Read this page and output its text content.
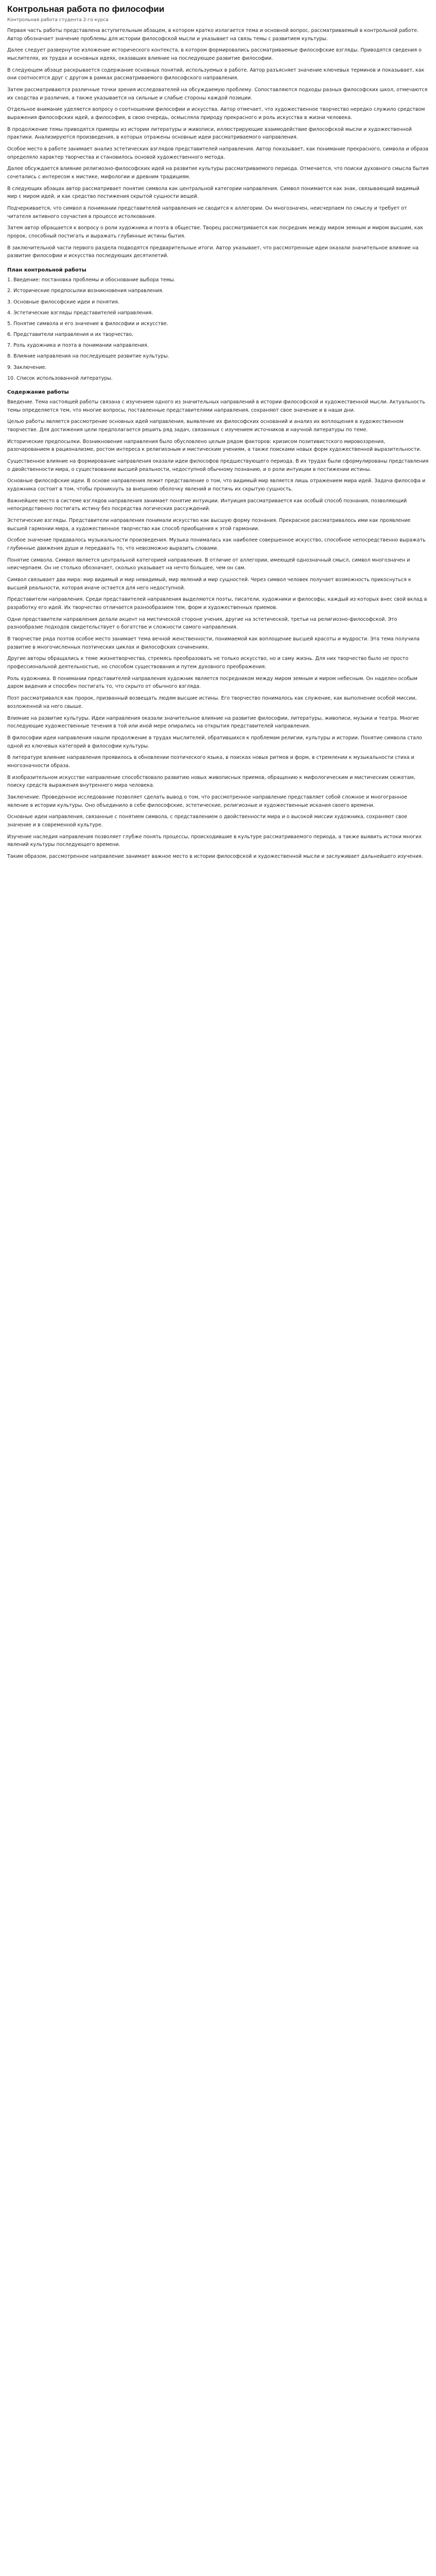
Контрольная работа по философии
Контрольная работа студента 2-го курса

Первая часть работы представлена вступительным абзацем, в котором кратко излагается тема и основной вопрос, рассматриваемый в контрольной работе. Автор обозначает значение проблемы для истории философской мысли и указывает на связь темы с развитием культуры.

Далее следует развернутое изложение исторического контекста, в котором формировались рассматриваемые философские взгляды. Приводятся сведения о мыслителях, их трудах и основных идеях, оказавших влияние на последующее развитие философии.

В следующем абзаце раскрывается содержание основных понятий, используемых в работе. Автор разъясняет значение ключевых терминов и показывает, как они соотносятся друг с другом в рамках рассматриваемого философского направления.

Затем рассматриваются различные точки зрения исследователей на обсуждаемую проблему. Сопоставляются подходы разных философских школ, отмечаются их сходства и различия, а также указывается на сильные и слабые стороны каждой позиции.

Отдельное внимание уделяется вопросу о соотношении философии и искусства. Автор отмечает, что художественное творчество нередко служило средством выражения философских идей, а философия, в свою очередь, осмысляла природу прекрасного и роль искусства в жизни человека.

В продолжение темы приводятся примеры из истории литературы и живописи, иллюстрирующие взаимодействие философской мысли и художественной практики. Анализируются произведения, в которых отражены основные идеи рассматриваемого направления.

Особое место в работе занимает анализ эстетических взглядов представителей направления. Автор показывает, как понимание прекрасного, символа и образа определяло характер творчества и становилось основой художественного метода.

Далее обсуждается влияние религиозно-философских идей на развитие культуры рассматриваемого периода. Отмечается, что поиски духовного смысла бытия сочетались с интересом к мистике, мифологии и древним традициям.

В следующих абзацах автор рассматривает понятие символа как центральной категории направления. Символ понимается как знак, связывающий видимый мир с миром идей, и как средство постижения скрытой сущности вещей.

Подчеркивается, что символ в понимании представителей направления не сводится к аллегории. Он многозначен, неисчерпаем по смыслу и требует от читателя активного соучастия в процессе истолкования.

Затем автор обращается к вопросу о роли художника и поэта в обществе. Творец рассматривается как посредник между миром земным и миром высшим, как пророк, способный постигать и выражать глубинные истины бытия.

В заключительной части первого раздела подводятся предварительные итоги. Автор указывает, что рассмотренные идеи оказали значительное влияние на развитие философии и искусства последующих десятилетий.

План контрольной работы
1. Введение: постановка проблемы и обоснование выбора темы.
2. Исторические предпосылки возникновения направления.
3. Основные философские идеи и понятия.
4. Эстетические взгляды представителей направления.
5. Понятие символа и его значение в философии и искусстве.
6. Представители направления и их творчество.
7. Роль художника и поэта в понимании направления.
8. Влияние направления на последующее развитие культуры.
9. Заключение.
10. Список использованной литературы.
Содержание работы

Введение. Тема настоящей работы связана с изучением одного из значительных направлений в истории философской и художественной мысли. Актуальность темы определяется тем, что многие вопросы, поставленные представителями направления, сохраняют свое значение и в наши дни.

Целью работы является рассмотрение основных идей направления, выявление их философских оснований и анализ их воплощения в художественном творчестве. Для достижения цели предполагается решить ряд задач, связанных с изучением источников и научной литературы по теме.

Исторические предпосылки. Возникновение направления было обусловлено целым рядом факторов: кризисом позитивистского мировоззрения, разочарованием в рационализме, ростом интереса к религиозным и мистическим учениям, а также поисками новых форм художественной выразительности.

Существенное влияние на формирование направления оказали идеи философов предшествующего периода. В их трудах были сформулированы представления о двойственности мира, о существовании высшей реальности, недоступной обычному познанию, и о роли интуиции в постижении истины.

Основные философские идеи. В основе направления лежит представление о том, что видимый мир является лишь отражением мира идей. Задача философа и художника состоит в том, чтобы проникнуть за внешнюю оболочку явлений и постичь их скрытую сущность.

Важнейшее место в системе взглядов направления занимает понятие интуиции. Интуиция рассматривается как особый способ познания, позволяющий непосредственно постигать истину без посредства логических рассуждений.

Эстетические взгляды. Представители направления понимали искусство как высшую форму познания. Прекрасное рассматривалось ими как проявление высшей гармонии мира, а художественное творчество как способ приобщения к этой гармонии.

Особое значение придавалось музыкальности произведения. Музыка понималась как наиболее совершенное искусство, способное непосредственно выражать глубинные движения души и передавать то, что невозможно выразить словами.

Понятие символа. Символ является центральной категорией направления. В отличие от аллегории, имеющей однозначный смысл, символ многозначен и неисчерпаем. Он не столько обозначает, сколько указывает на нечто большее, чем он сам.

Символ связывает два мира: мир видимый и мир невидимый, мир явлений и мир сущностей. Через символ человек получает возможность прикоснуться к высшей реальности, которая иначе остается для него недоступной.

Представители направления. Среди представителей направления выделяются поэты, писатели, художники и философы, каждый из которых внес свой вклад в разработку его идей. Их творчество отличается разнообразием тем, форм и художественных приемов.

Одни представители направления делали акцент на мистической стороне учения, другие на эстетической, третьи на религиозно-философской. Это разнообразие подходов свидетельствует о богатстве и сложности самого направления.

В творчестве ряда поэтов особое место занимает тема вечной женственности, понимаемой как воплощение высшей красоты и мудрости. Эта тема получила развитие в многочисленных поэтических циклах и философских сочинениях.

Другие авторы обращались к теме жизнетворчества, стремясь преобразовать не только искусство, но и саму жизнь. Для них творчество было не просто профессиональной деятельностью, но способом существования и путем духовного преображения.

Роль художника. В понимании представителей направления художник является посредником между миром земным и миром небесным. Он наделен особым даром видения и способен постигать то, что скрыто от обычного взгляда.

Поэт рассматривался как пророк, призванный возвещать людям высшие истины. Его творчество понималось как служение, как выполнение особой миссии, возложенной на него свыше.

Влияние на развитие культуры. Идеи направления оказали значительное влияние на развитие философии, литературы, живописи, музыки и театра. Многие последующие художественные течения в той или иной мере опирались на открытия представителей направления.

В философии идеи направления нашли продолжение в трудах мыслителей, обратившихся к проблемам религии, культуры и истории. Понятие символа стало одной из ключевых категорий в философии культуры.

В литературе влияние направления проявилось в обновлении поэтического языка, в поисках новых ритмов и форм, в стремлении к музыкальности стиха и многозначности образа.

В изобразительном искусстве направление способствовало развитию новых живописных приемов, обращению к мифологическим и мистическим сюжетам, поиску средств выражения внутреннего мира человека.

Заключение. Проведенное исследование позволяет сделать вывод о том, что рассмотренное направление представляет собой сложное и многогранное явление в истории культуры. Оно объединило в себе философские, эстетические, религиозные и художественные искания своего времени.

Основные идеи направления, связанные с понятием символа, с представлением о двойственности мира и о высокой миссии художника, сохраняют свое значение и в современной культуре.

Изучение наследия направления позволяет глубже понять процессы, происходившие в культуре рассматриваемого периода, а также выявить истоки многих явлений культуры последующего времени.

Таким образом, рассмотренное направление занимает важное место в истории философской и художественной мысли и заслуживает дальнейшего изучения.
